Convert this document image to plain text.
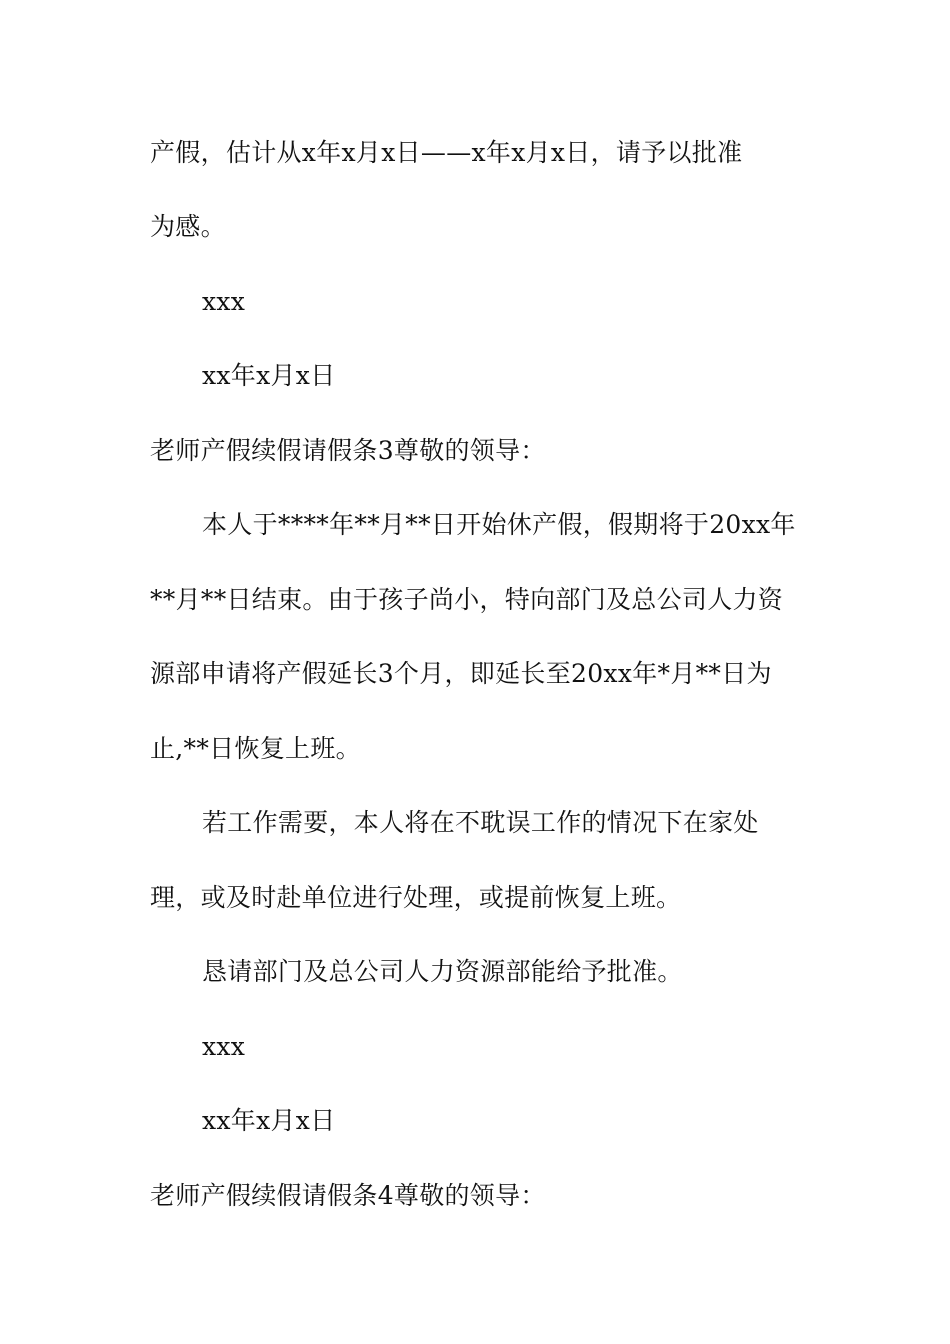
产假，估计从x年x月x日——x年x月x日，请予以批准
为感。
xxx
xx年x月x日
老师产假续假请假条3尊敬的领导：
本人于****年**月**日开始休产假，假期将于20xx年
**月**日结束。由于孩子尚小，特向部门及总公司人力资
源部申请将产假延长3个月，即延长至20xx年*月**日为
止,**日恢复上班。
若工作需要，本人将在不耽误工作的情况下在家处
理，或及时赴单位进行处理，或提前恢复上班。
恳请部门及总公司人力资源部能给予批准。
xxx
xx年x月x日
老师产假续假请假条4尊敬的领导：
